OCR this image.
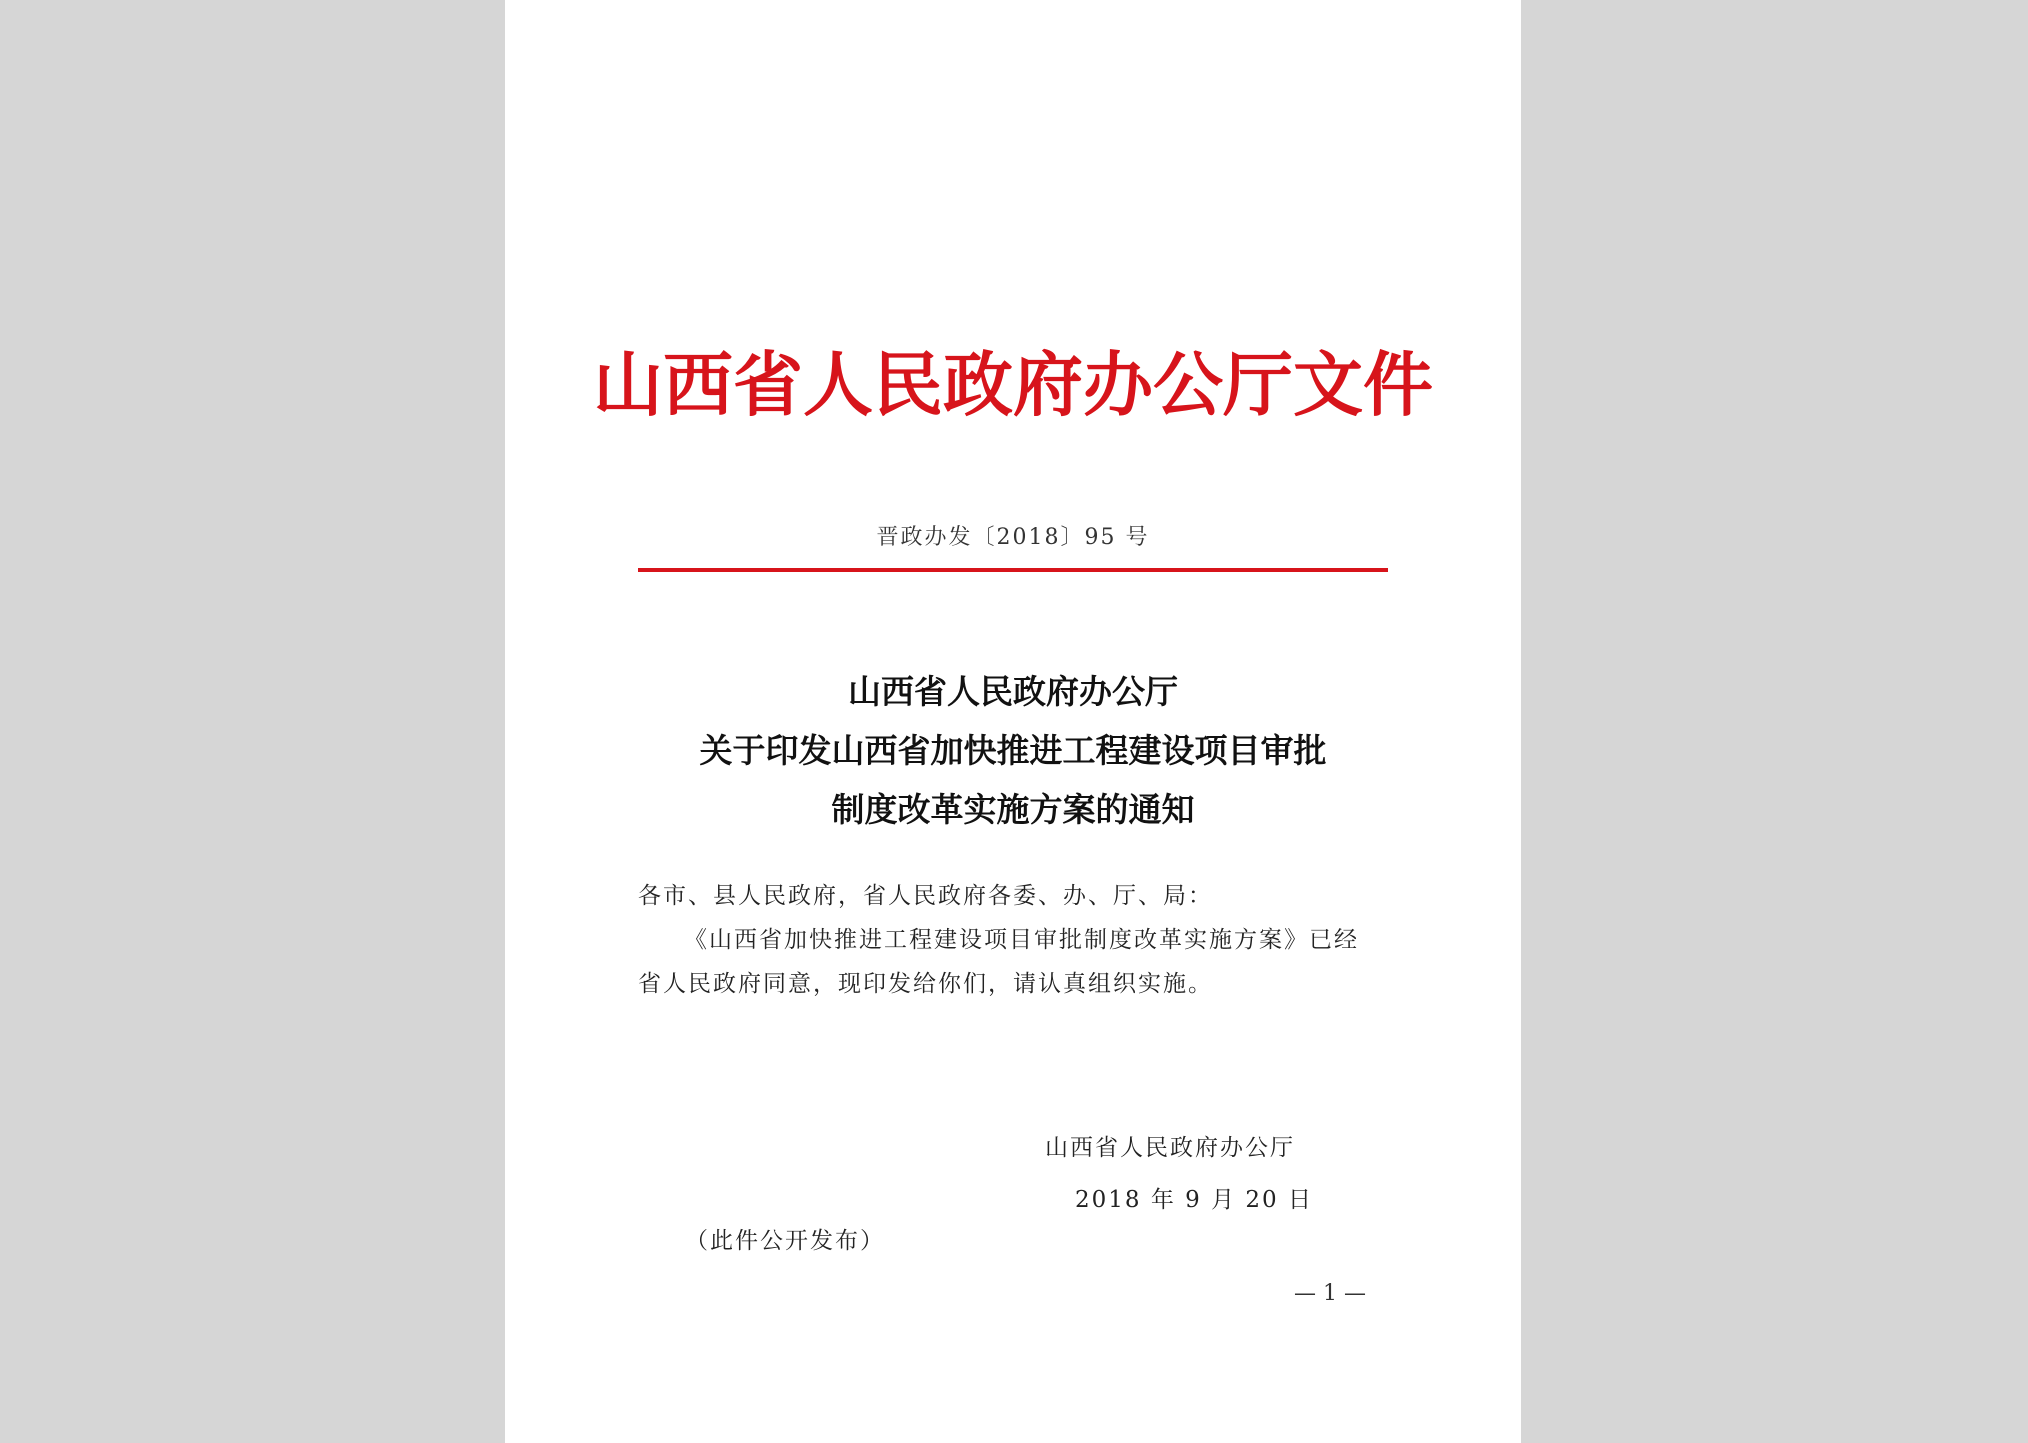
山西省人民政府办公厅文件
晋政办发〔2018〕95 号
山西省人民政府办公厅
关于印发山西省加快推进工程建设项目审批
制度改革实施方案的通知

各市、县人民政府，省人民政府各委、办、厅、局：

《山西省加快推进工程建设项目审批制度改革实施方案》已经

省人民政府同意，现印发给你们，请认真组织实施。

山西省人民政府办公厅
2018 年 9 月 20 日
（此件公开发布）
— 1 —
